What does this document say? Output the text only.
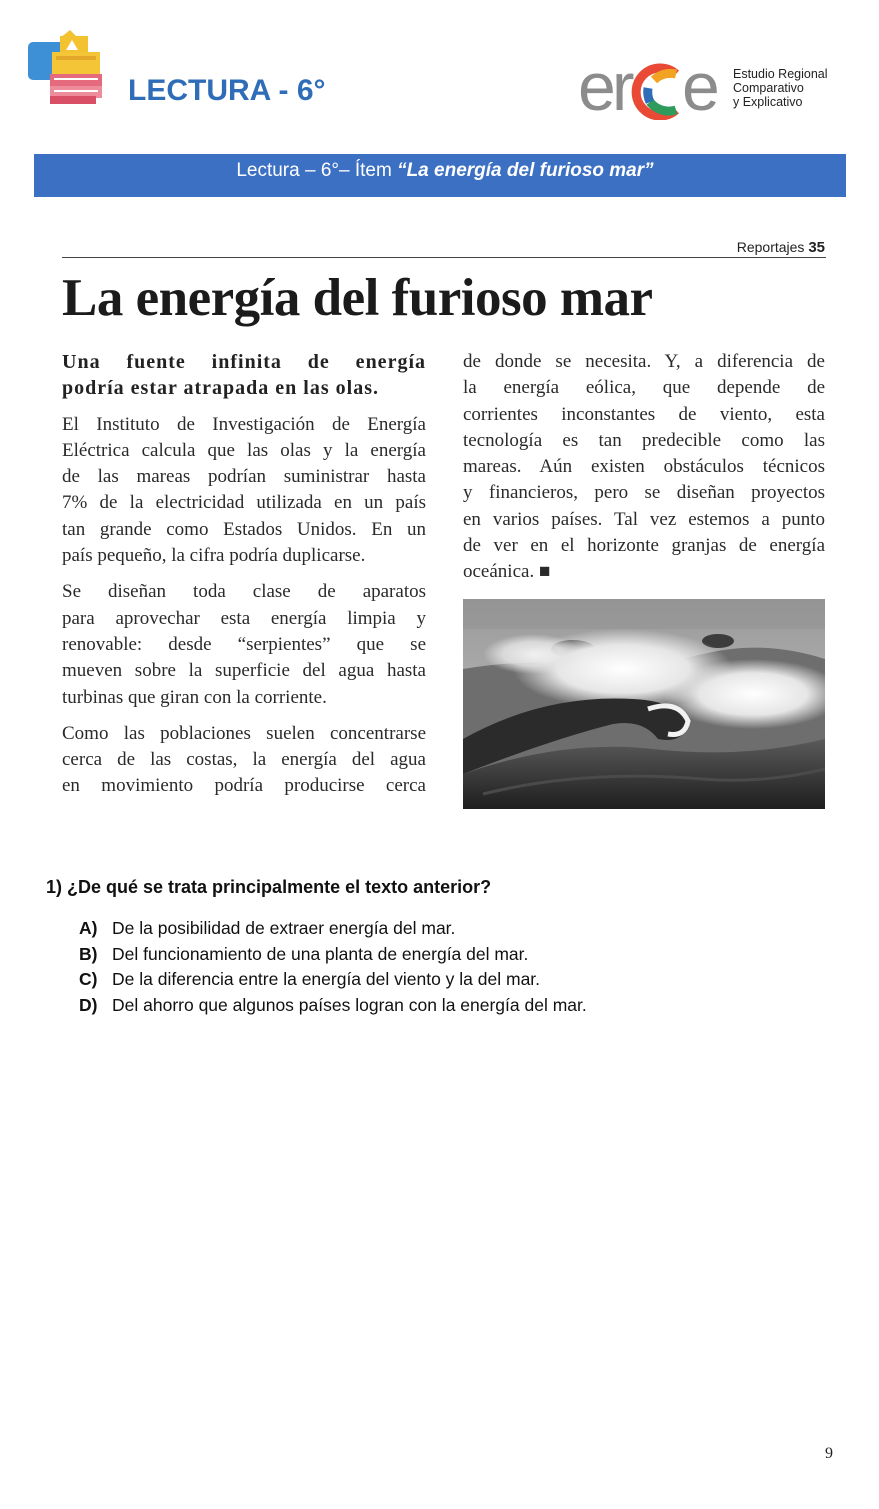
LECTURA - 6°	er e Estudio Regional
Comparativo
y Explicativo
Lectura – 6°– Ítem “La energía del furioso mar”
Reportajes 35
La energía del furioso mar

Una fuente infinita de energía

podría estar atrapada en las olas.

El Instituto de Investigación de Energía

Eléctrica calcula que las olas y la energía

de las mareas podrían suministrar hasta

7% de la electricidad utilizada en un país

tan grande como Estados Unidos. En un

país pequeño, la cifra podría duplicarse.

Se diseñan toda clase de aparatos

para aprovechar esta energía limpia y

renovable: desde “serpientes” que se

mueven sobre la superficie del agua hasta

turbinas que giran con la corriente.

Como las poblaciones suelen concentrarse

cerca de las costas, la energía del agua

en movimiento podría producirse cerca

de donde se necesita. Y, a diferencia de

la energía eólica, que depende de

corrientes inconstantes de viento, esta

tecnología es tan predecible como las

mareas. Aún existen obstáculos técnicos

y financieros, pero se diseñan proyectos

en varios países. Tal vez estemos a punto

de ver en el horizonte granjas de energía

oceánica. ■

1) ¿De qué se trata principalmente el texto anterior?
A) De la posibilidad de extraer energía del mar.
B) Del funcionamiento de una planta de energía del mar.
C) De la diferencia entre la energía del viento y la del mar.
D) Del ahorro que algunos países logran con la energía del mar.
9
